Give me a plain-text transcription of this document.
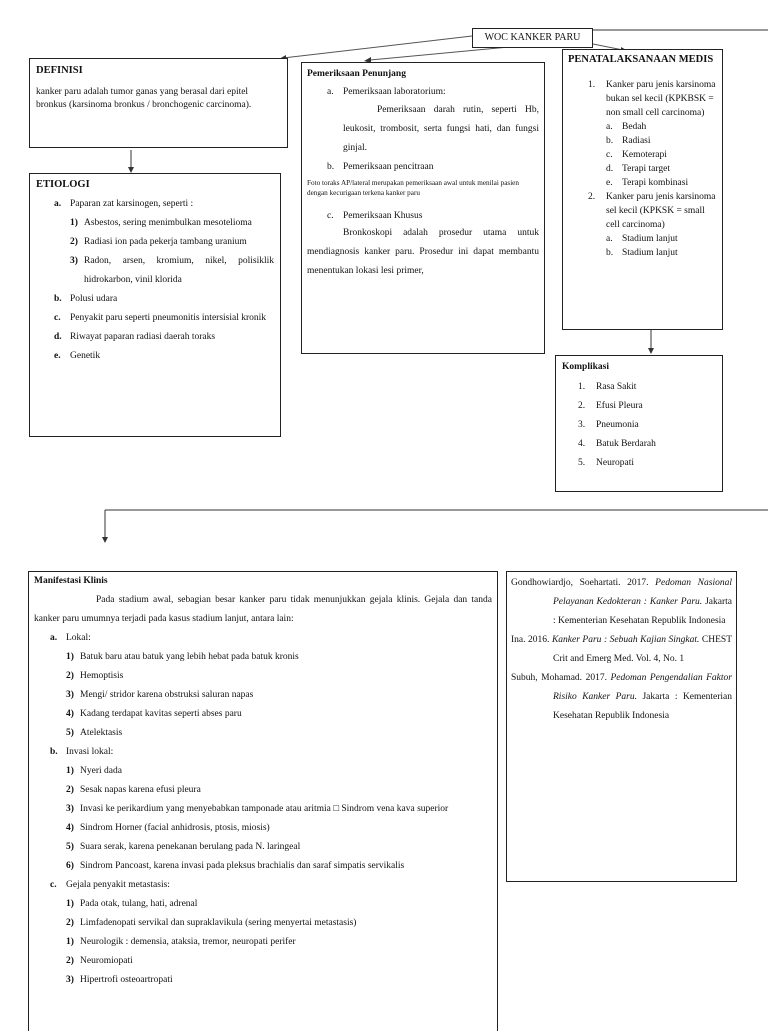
WOC KANKER PARU
DEFINISI
kanker paru adalah tumor ganas yang berasal dari epitel bronkus (karsinoma bronkus / bronchogenic carcinoma).
ETIOLOGI
a. Paparan zat karsinogen, seperti :
1) Asbestos, sering menimbulkan mesotelioma
2) Radiasi ion pada pekerja tambang uranium
3) Radon, arsen, kromium, nikel, polisiklik hidrokarbon, vinil klorida
b. Polusi udara
c. Penyakit paru seperti pneumonitis intersisial kronik
d. Riwayat paparan radiasi daerah toraks
e. Genetik
Pemeriksaan Penunjang
a. Pemeriksaan laboratorium:
Pemeriksaan darah rutin, seperti Hb, leukosit, trombosit, serta fungsi hati, dan fungsi ginjal.
b. Pemeriksaan pencitraan
Foto toraks AP/lateral merupakan pemeriksaan awal untuk menilai pasien dengan kecurigaan terkena kanker paru
c. Pemeriksaan Khusus
Bronkoskopi adalah prosedur utama untuk mendiagnosis kanker paru. Prosedur ini dapat membantu menentukan lokasi lesi primer,
PENATALAKSANAAN MEDIS
1.	Kanker paru jenis karsinoma bukan sel kecil (KPKBSK = non small cell carcinoma)
a. Bedah
b. Radiasi
c. Kemoterapi
d. Terapi target
e. Terapi kombinasi
2.	Kanker paru jenis karsinoma sel kecil (KPKSK = small cell carcinoma)
a. Stadium lanjut
b. Stadium lanjut
Komplikasi
1.	Rasa Sakit
2.	Efusi Pleura
3.	Pneumonia
4.	Batuk Berdarah
5.	Neuropati
Manifestasi Klinis
Pada stadium awal, sebagian besar kanker paru tidak menunjukkan gejala klinis. Gejala dan tanda kanker paru umumnya terjadi pada kasus stadium lanjut, antara lain:
a. Lokal:
1) Batuk baru atau batuk yang lebih hebat pada batuk kronis
2) Hemoptisis
3) Mengi/ stridor karena obstruksi saluran napas
4) Kadang terdapat kavitas seperti abses paru
5) Atelektasis
b. Invasi lokal:
1) Nyeri dada
2) Sesak napas karena efusi pleura
3) Invasi ke perikardium yang menyebabkan tamponade atau aritmia □ Sindrom vena kava superior
4) Sindrom Horner (facial anhidrosis, ptosis, miosis)
5) Suara serak, karena penekanan berulang pada N. laringeal
6) Sindrom Pancoast, karena invasi pada pleksus brachialis dan saraf simpatis servikalis
c. Gejala penyakit metastasis:
1) Pada otak, tulang, hati, adrenal
2) Limfadenopati servikal dan supraklavikula (sering menyertai metastasis)
1) Neurologik : demensia, ataksia, tremor, neuropati perifer
2) Neuromiopati
3) Hipertrofi osteoartropati

Gondhowiardjo, Soehartati. 2017. Pedoman Nasional Pelayanan Kedokteran : Kanker Paru. Jakarta : Kementerian Kesehatan Republik Indonesia

Ina. 2016. Kanker Paru : Sebuah Kajian Singkat. CHEST Crit and Emerg Med. Vol. 4, No. 1

Subuh, Mohamad. 2017. Pedoman Pengendalian Faktor Risiko Kanker Paru. Jakarta : Kementerian Kesehatan Republik Indonesia
